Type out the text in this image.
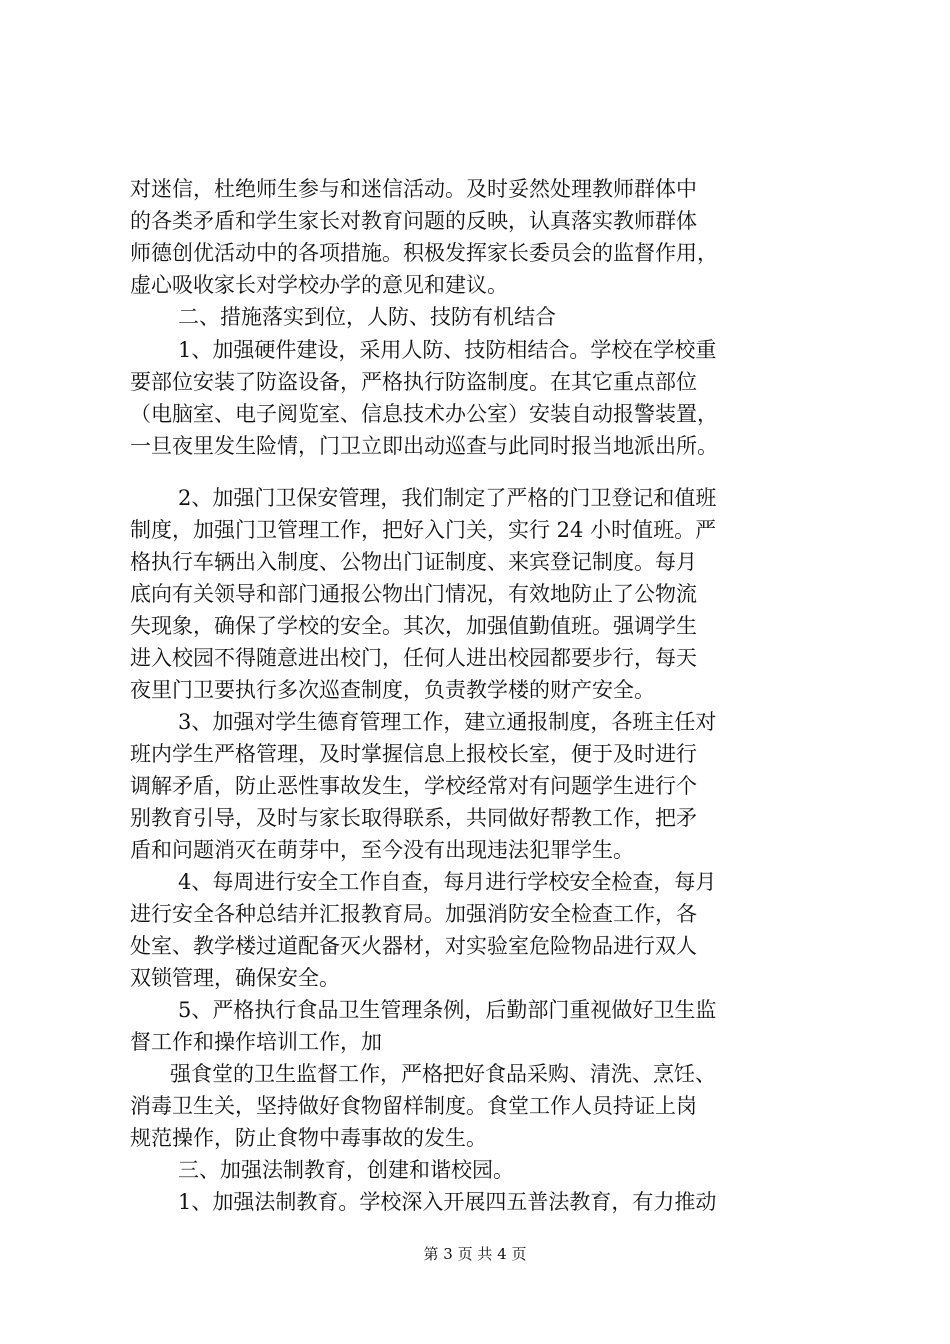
对迷信，杜绝师生参与和迷信活动。及时妥然处理教师群体中
的各类矛盾和学生家长对教育问题的反映，认真落实教师群体
师德创优活动中的各项措施。积极发挥家长委员会的监督作用，
虚心吸收家长对学校办学的意见和建议。
二、措施落实到位，人防、技防有机结合
1、加强硬件建设，采用人防、技防相结合。学校在学校重
要部位安装了防盗设备，严格执行防盗制度。在其它重点部位
（电脑室、电子阅览室、信息技术办公室）安装自动报警装置，
一旦夜里发生险情，门卫立即出动巡查与此同时报当地派出所。
2、加强门卫保安管理，我们制定了严格的门卫登记和值班
制度，加强门卫管理工作，把好入门关，实行 24 小时值班。严
格执行车辆出入制度、公物出门证制度、来宾登记制度。每月
底向有关领导和部门通报公物出门情况，有效地防止了公物流
失现象，确保了学校的安全。其次，加强值勤值班。强调学生
进入校园不得随意进出校门，任何人进出校园都要步行，每天
夜里门卫要执行多次巡查制度，负责教学楼的财产安全。
3、加强对学生德育管理工作，建立通报制度，各班主任对
班内学生严格管理，及时掌握信息上报校长室，便于及时进行
调解矛盾，防止恶性事故发生，学校经常对有问题学生进行个
别教育引导，及时与家长取得联系，共同做好帮教工作，把矛
盾和问题消灭在萌芽中，至今没有出现违法犯罪学生。
4、每周进行安全工作自查，每月进行学校安全检查，每月
进行安全各种总结并汇报教育局。加强消防安全检查工作，各
处室、教学楼过道配备灭火器材，对实验室危险物品进行双人
双锁管理，确保安全。
5、严格执行食品卫生管理条例，后勤部门重视做好卫生监
督工作和操作培训工作，加
强食堂的卫生监督工作，严格把好食品采购、清洗、烹饪、
消毒卫生关，坚持做好食物留样制度。食堂工作人员持证上岗
规范操作，防止食物中毒事故的发生。
三、加强法制教育，创建和谐校园。
1、加强法制教育。学校深入开展四五普法教育，有力推动
第 3 页 共 4 页
